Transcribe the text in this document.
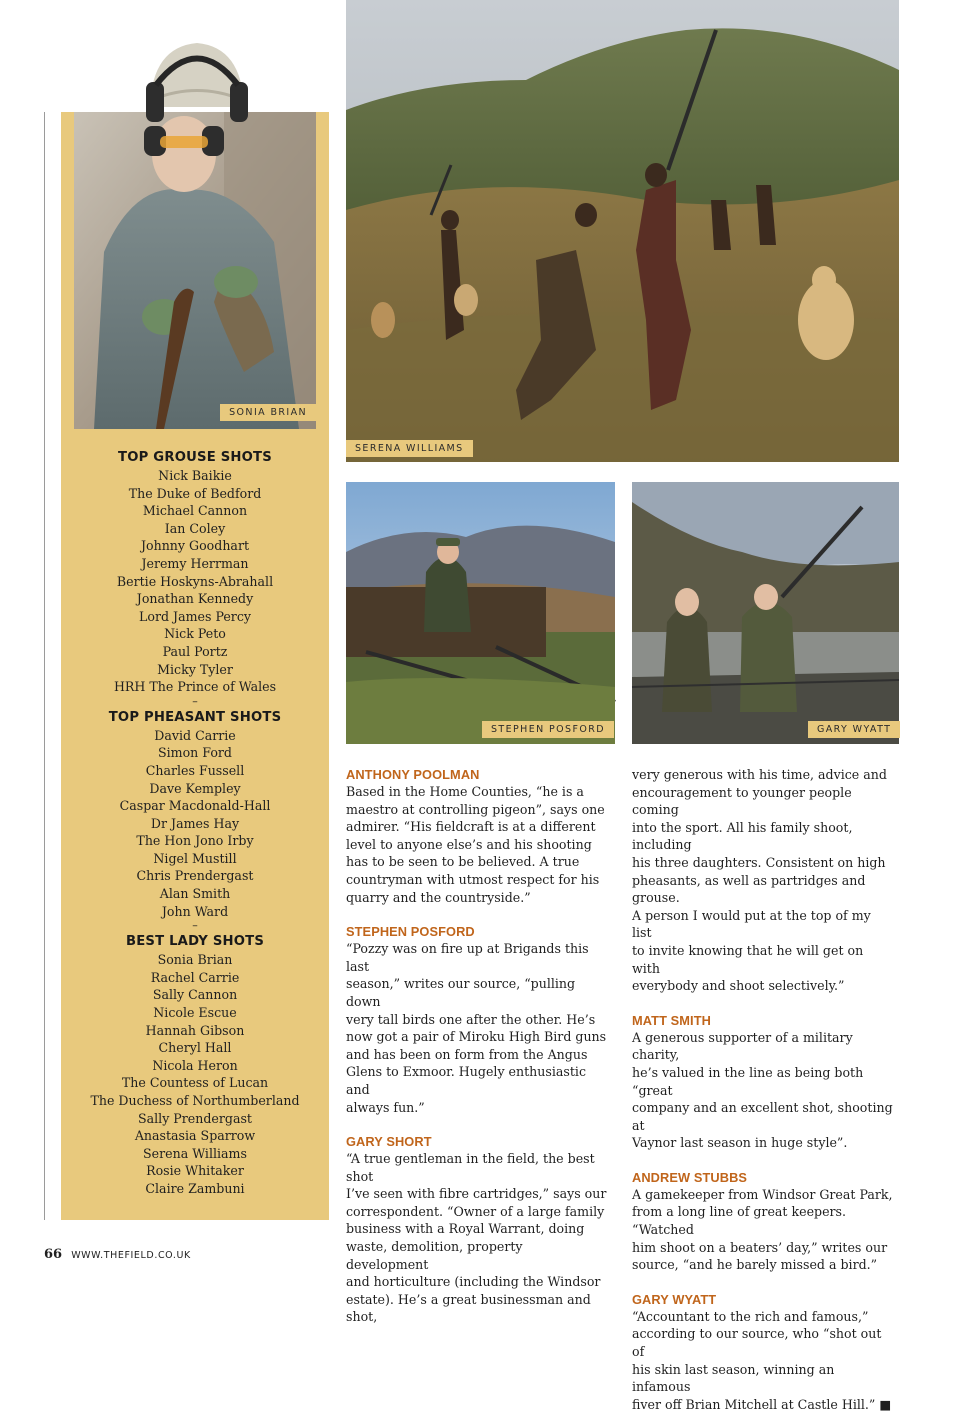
SONIA BRIAN
TOP GROUSE SHOTS
Nick Baikie
The Duke of Bedford
Michael Cannon
Ian Coley
Johnny Goodhart
Jeremy Herrman
Bertie Hoskyns-Abrahall
Jonathan Kennedy
Lord James Percy
Nick Peto
Paul Portz
Micky Tyler
HRH The Prince of Wales
–
TOP PHEASANT SHOTS
David Carrie
Simon Ford
Charles Fussell
Dave Kempley
Caspar Macdonald-Hall
Dr James Hay
The Hon Jono Irby
Nigel Mustill
Chris Prendergast
Alan Smith
John Ward
–
BEST LADY SHOTS
Sonia Brian
Rachel Carrie
Sally Cannon
Nicole Escue
Hannah Gibson
Cheryl Hall
Nicola Heron
The Countess of Lucan
The Duchess of Northumberland
Sally Prendergast
Anastasia Sparrow
Serena Williams
Rosie Whitaker
Claire Zambuni
SERENA WILLIAMS
STEPHEN POSFORD	GARY WYATT
ANTHONY POOLMAN
Based in the Home Counties, “he is a
maestro at controlling pigeon”, says one
admirer. “His fieldcraft is at a different
level to anyone else’s and his shooting
has to be seen to be believed. A true
countryman with utmost respect for his
quarry and the countryside.”
STEPHEN POSFORD
“Pozzy was on fire up at Brigands this last
season,” writes our source, “pulling down
very tall birds one after the other. He’s
now got a pair of Miroku High Bird guns
and has been on form from the Angus
Glens to Exmoor. Hugely enthusiastic and
always fun.”
GARY SHORT
“A true gentleman in the field, the best shot
I’ve seen with fibre cartridges,” says our
correspondent. “Owner of a large family
business with a Royal Warrant, doing
waste, demolition, property development
and horticulture (including the Windsor
estate). He’s a great businessman and shot,
very generous with his time, advice and
encouragement to younger people coming
into the sport. All his family shoot, including
his three daughters. Consistent on high
pheasants, as well as partridges and grouse.
A person I would put at the top of my list
to invite knowing that he will get on with
everybody and shoot selectively.”
MATT SMITH
A generous supporter of a military charity,
he’s valued in the line as being both “great
company and an excellent shot, shooting at
Vaynor last season in huge style”.
ANDREW STUBBS
A gamekeeper from Windsor Great Park,
from a long line of great keepers. “Watched
him shoot on a beaters’ day,” writes our
source, “and he barely missed a bird.”
GARY WYATT
“Accountant to the rich and famous,”
according to our source, who “shot out of
his skin last season, winning an infamous
fiver off Brian Mitchell at Castle Hill.” ■
66 WWW.THEFIELD.CO.UK
